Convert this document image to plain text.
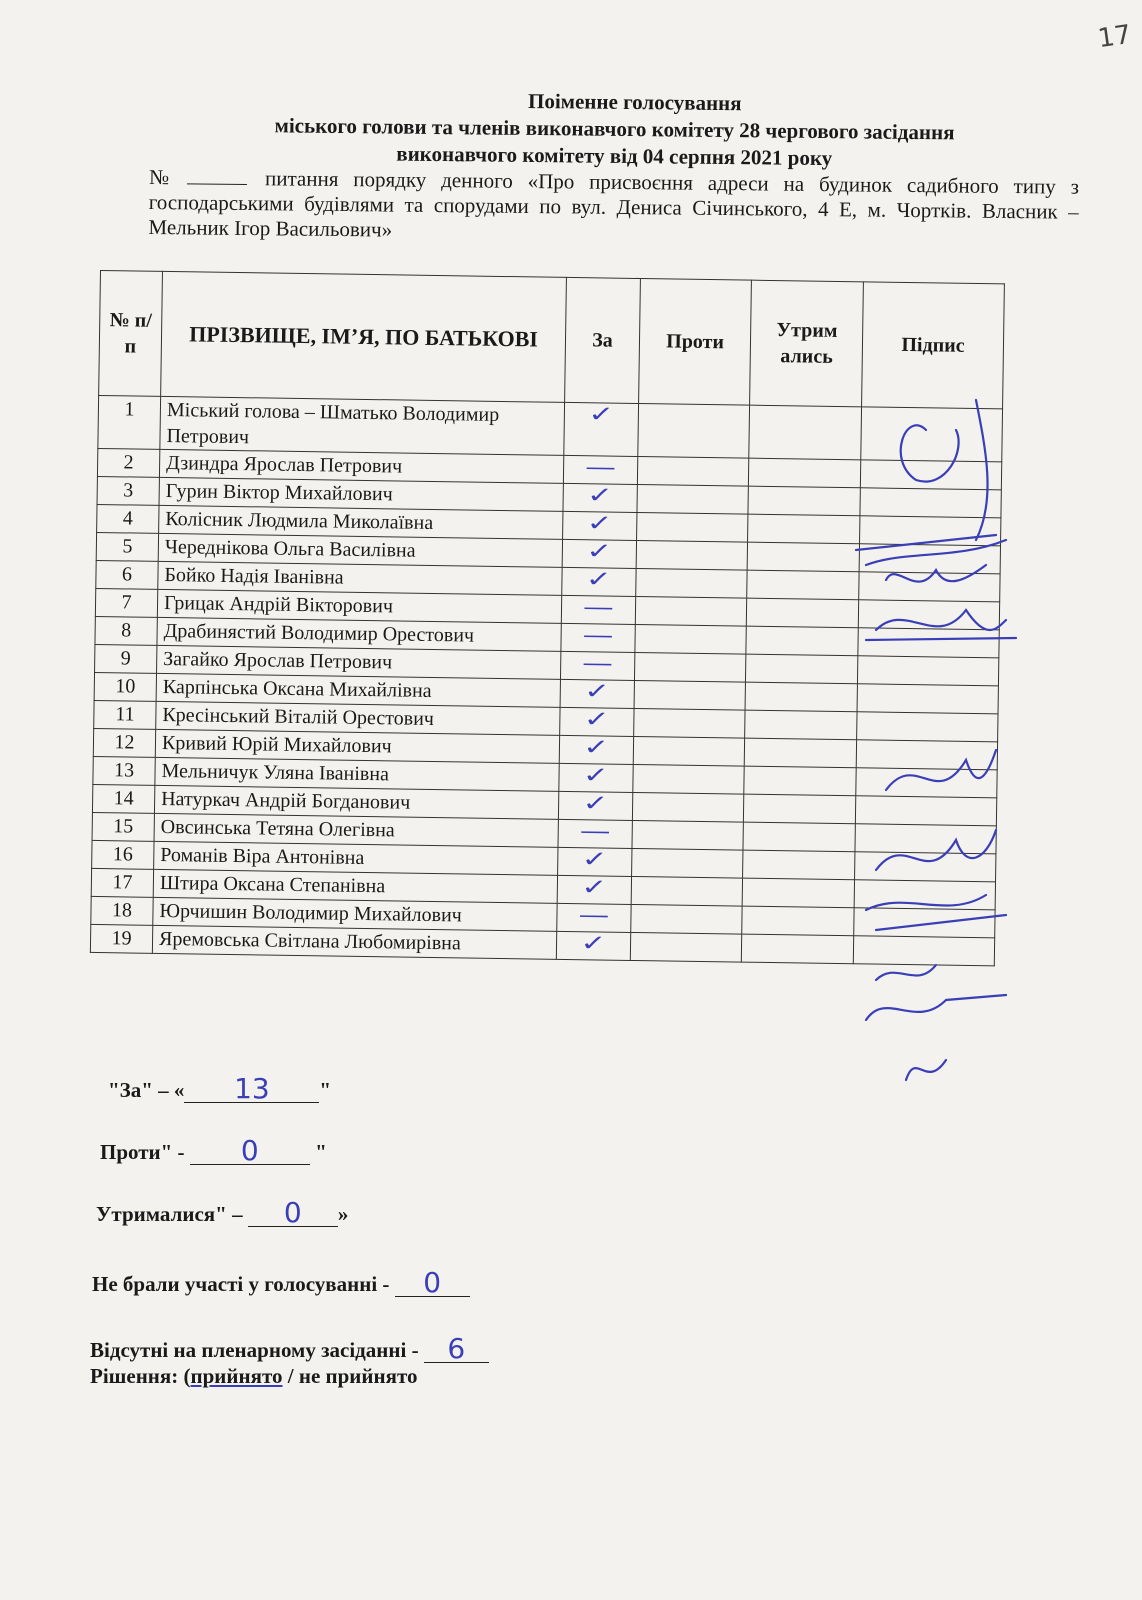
17
Поіменне голосування
міського голови та членів виконавчого комітету 28 чергового засідання
виконавчого комітету від 04 серпня 2021 року
№	питання порядку денного «Про присвоєння адреси на будинок садибного типу з господарськими будівлями та спорудами по вул. Дениса Січинського, 4 Е, м. Чортків. Власник – Мельник Ігор Васильович»
№ п/п	ПРІЗВИЩЕ, ІМ’Я, ПО БАТЬКОВІ	За	Проти	Утрим ались	Підпис
1	Міський голова – Шматько Володимир Петрович	✓			

2	Дзиндра Ярослав Петрович	—			

3	Гурин Віктор Михайлович	✓			

4	Колісник Людмила Миколаївна	✓			

5	Череднікова Ольга Василівна	✓			

6	Бойко Надія Іванівна	✓			

7	Грицак Андрій Вікторович	—			

8	Драбинястий Володимир Орестович	—			

9	Загайко Ярослав Петрович	—			

10	Карпінська Оксана Михайлівна	✓			

11	Кресінський Віталій Орестович	✓			

12	Кривий Юрій Михайлович	✓			

13	Мельничук Уляна Іванівна	✓			

14	Натуркач Андрій Богданович	✓			

15	Овсинська Тетяна Олегівна	—			

16	Романів Віра Антонівна	✓			

17	Штира Оксана Степанівна	✓			

18	Юрчишин Володимир Михайлович	—			

19	Яремовська Світлана Любомирівна	✓			

"За" – « 13 "
Проти" - 0	"
Утрималися" – 0 »
Не брали участі у голосуванні - 0
Відсутні на пленарному засіданні - 6
Рішення: (прийнято / не прийнято
